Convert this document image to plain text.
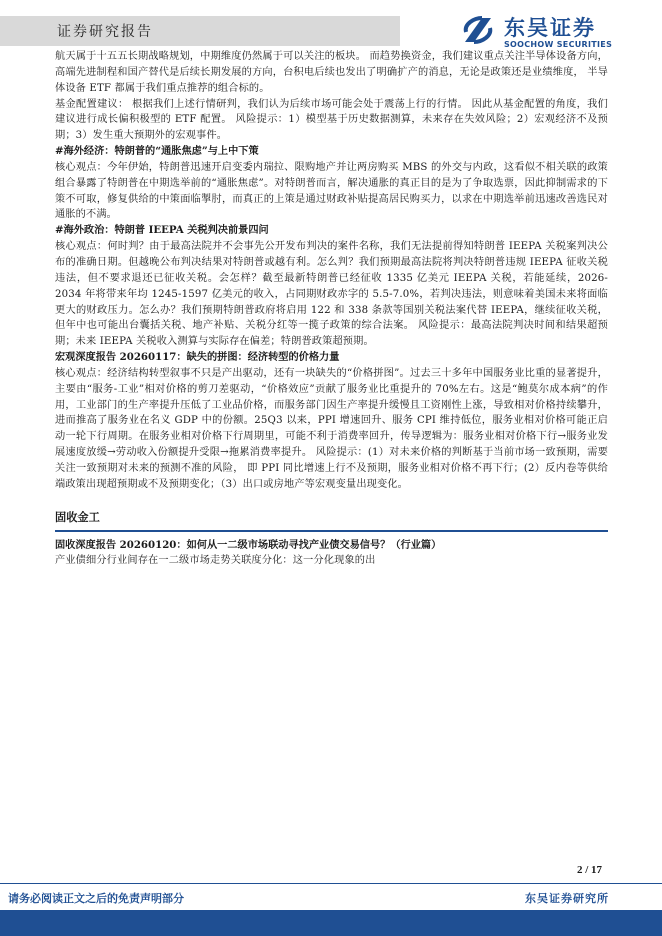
证券研究报告	东吴证券
SOOCHOW SECURITIES

航天属于十五五长期战略规划，中期维度仍然属于可以关注的板块。 而趋势换资金，我们建议重点关注半导体设备方向，高端先进制程和国产替代是后续长期发展的方向，台积电后续也发出了明确扩产的消息，无论是政策还是业绩维度， 半导体设备 ETF 都属于我们重点推荐的组合标的。

基金配置建议： 根据我们上述行情研判，我们认为后续市场可能会处于震荡上行的行情。 因此从基金配置的角度，我们建议进行成长偏积极型的 ETF 配置。 风险提示：1）模型基于历史数据测算，未来存在失效风险；2）宏观经济不及预期；3）发生重大预期外的宏观事件。

#海外经济：特朗普的“通胀焦虑”与上中下策

核心观点：今年伊始，特朗普迅速开启变委内瑞拉、限购地产并让两房购买 MBS 的外交与内政，这看似不相关联的政策组合暴露了特朗普在中期选举前的“通胀焦虑”。对特朗普而言，解决通胀的真正目的是为了争取选票，因此抑制需求的下策不可取，修复供给的中策面临掣肘，而真正的上策是通过财政补贴提高居民购买力，以求在中期选举前迅速改善选民对通胀的不满。

#海外政治：特朗普 IEEPA 关税判决前景四问

核心观点：何时判？由于最高法院并不会事先公开发布判决的案件名称，我们无法提前得知特朗普 IEEPA 关税案判决公布的准确日期。但越晚公布判决结果对特朗普或越有利。怎么判？我们预期最高法院将判决特朗普违规 IEEPA 征收关税违法，但不要求退还已征收关税。会怎样？截至最新特朗普已经征收 1335 亿美元 IEEPA 关税，若能延续，2026-2034 年将带来年均 1245-1597 亿美元的收入，占同期财政赤字的 5.5-7.0%，若判决违法，则意味着美国未来将面临更大的财政压力。怎么办？我们预期特朗普政府将启用 122 和 338 条款等国别关税法案代替 IEEPA，继续征收关税，但年中也可能出台囊括关税、地产补贴、关税分红等一揽子政策的综合法案。 风险提示：最高法院判决时间和结果超预期；未来 IEEPA 关税收入测算与实际存在偏差；特朗普政策超预期。

宏观深度报告 20260117：缺失的拼图：经济转型的价格力量

核心观点：经济结构转型叙事不只是产出驱动，还有一块缺失的“价格拼图”。过去三十多年中国服务业比重的显著提升，主要由“服务-工业”相对价格的剪刀差驱动，“价格效应”贡献了服务业比重提升的 70%左右。这是“鲍莫尔成本病”的作用，工业部门的生产率提升压低了工业品价格，而服务部门因生产率提升缓慢且工资刚性上涨，导致相对价格持续攀升，进而推高了服务业在名义 GDP 中的份额。25Q3 以来，PPI 增速回升、服务 CPI 维持低位，服务业相对价格可能正启动一轮下行周期。在服务业相对价格下行周期里，可能不利于消费率回升，传导逻辑为：服务业相对价格下行→服务业发展速度放缓→劳动收入份额提升受限→拖累消费率提升。 风险提示：(1）对未来价格的判断基于当前市场一致预期，需要关注一致预期对未来的预测不准的风险， 即 PPI 同比增速上行不及预期，服务业相对价格不再下行；(2）反内卷等供给端政策出现超预期或不及预期变化；（3）出口或房地产等宏观变量出现变化。

固收金工

固收深度报告 20260120：如何从一二级市场联动寻找产业债交易信号？（行业篇）

产业债细分行业间存在一二级市场走势关联度分化：这一分化现象的出

2 / 17
请务必阅读正文之后的免责声明部分	东吴证券研究所
